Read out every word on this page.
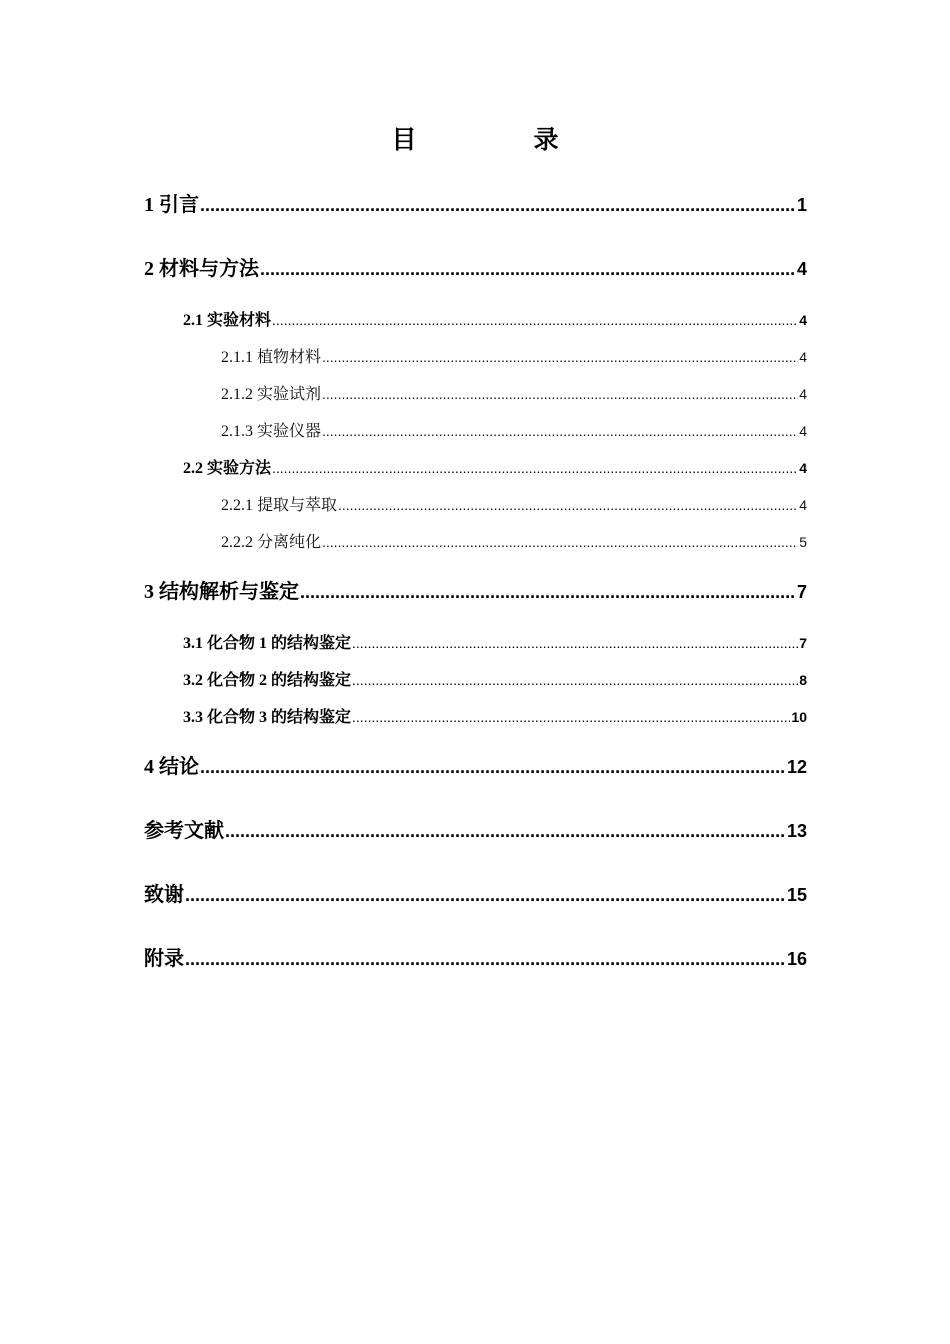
目　录
1 引言 .....	1
2 材料与方法 .....	4
2.1 实验材料 .....	4
2.1.1 植物材料 .....	4
2.1.2 实验试剂 .....	4
2.1.3 实验仪器 .....	4
2.2 实验方法 .....	4
2.2.1 提取与萃取 .....	4
2.2.2 分离纯化 .....	5
3 结构解析与鉴定 .....	7
3.1 化合物 1 的结构鉴定 .....	7
3.2 化合物 2 的结构鉴定 .....	8
3.3 化合物 3 的结构鉴定 .....	10
4 结论 .....	12
参考文献 .....	13
致谢 .....	15
附录 .....	16
